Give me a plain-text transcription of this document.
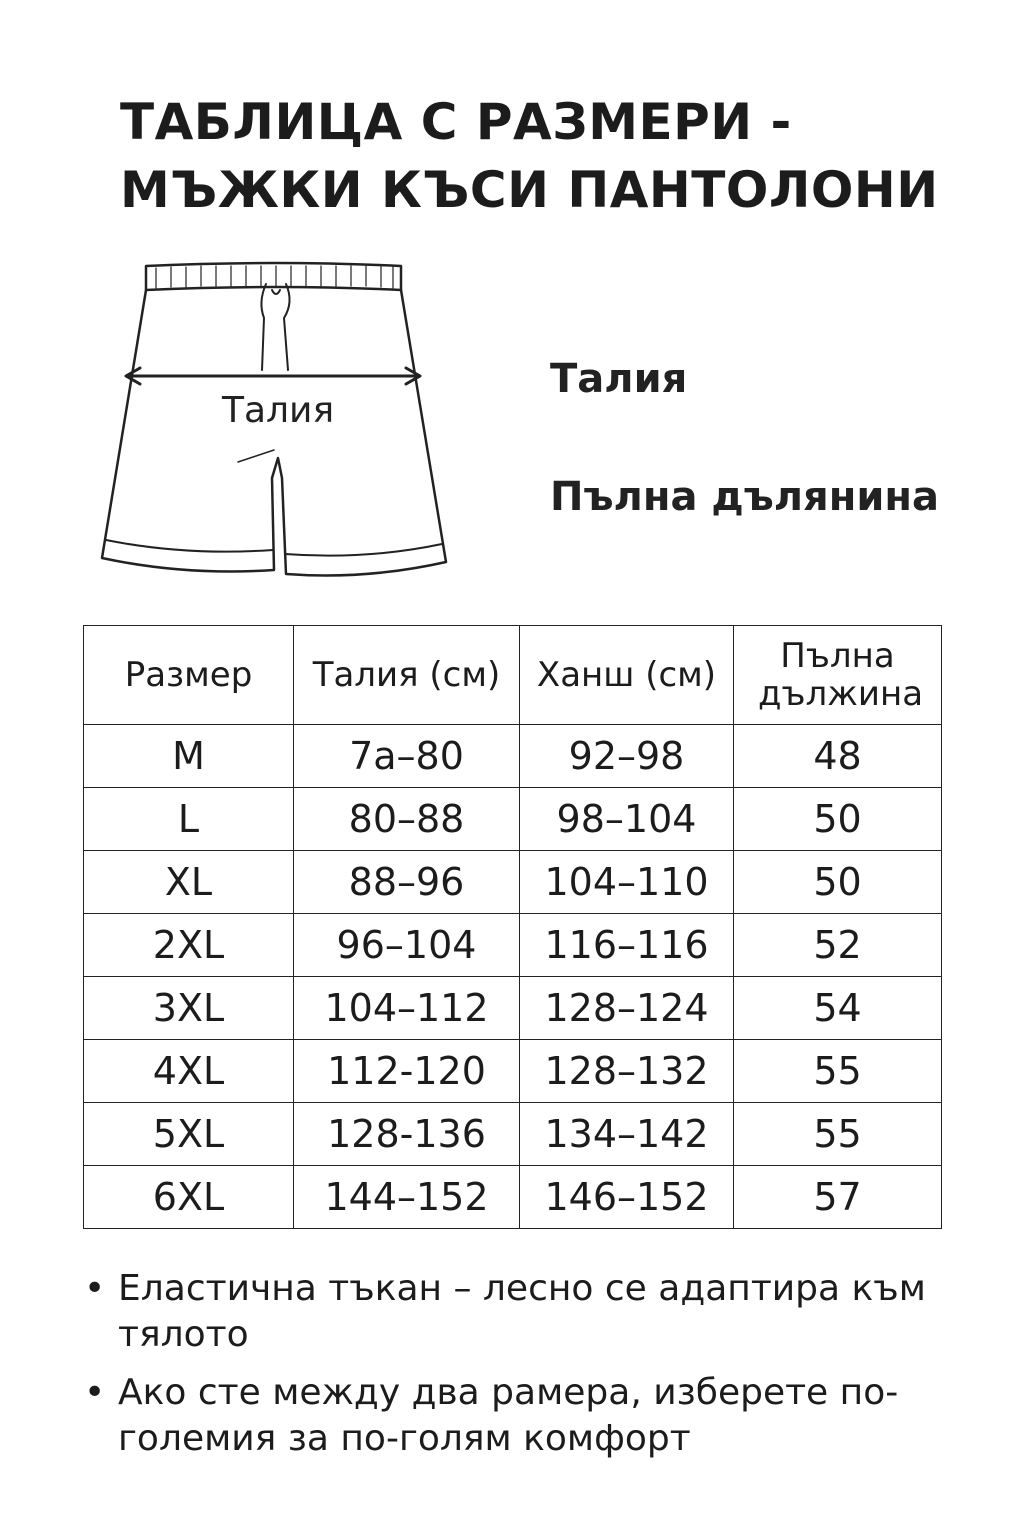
ТАБЛИЦА С РАЗМЕРИ -
МЪЖКИ КЪСИ ПАНТОЛОНИ
Талия
Талия
Пълна дълянина
Размер	Талия (см)	Ханш (см)	Пълна дължина
M	7а–80	92–98	48
L	80–88	98–104	50
XL	88–96	104–110	50
2XL	96–104	116–116	52
3XL	104–112	128–124	54
4XL	112-120	128–132	55
5XL	128-136	134–142	55
6XL	144–152	146–152	57
• Еластична тъкан – лесно се адаптира към тялото
• Ако сте между два рамера, изберете по-големия за по-голям комфорт
